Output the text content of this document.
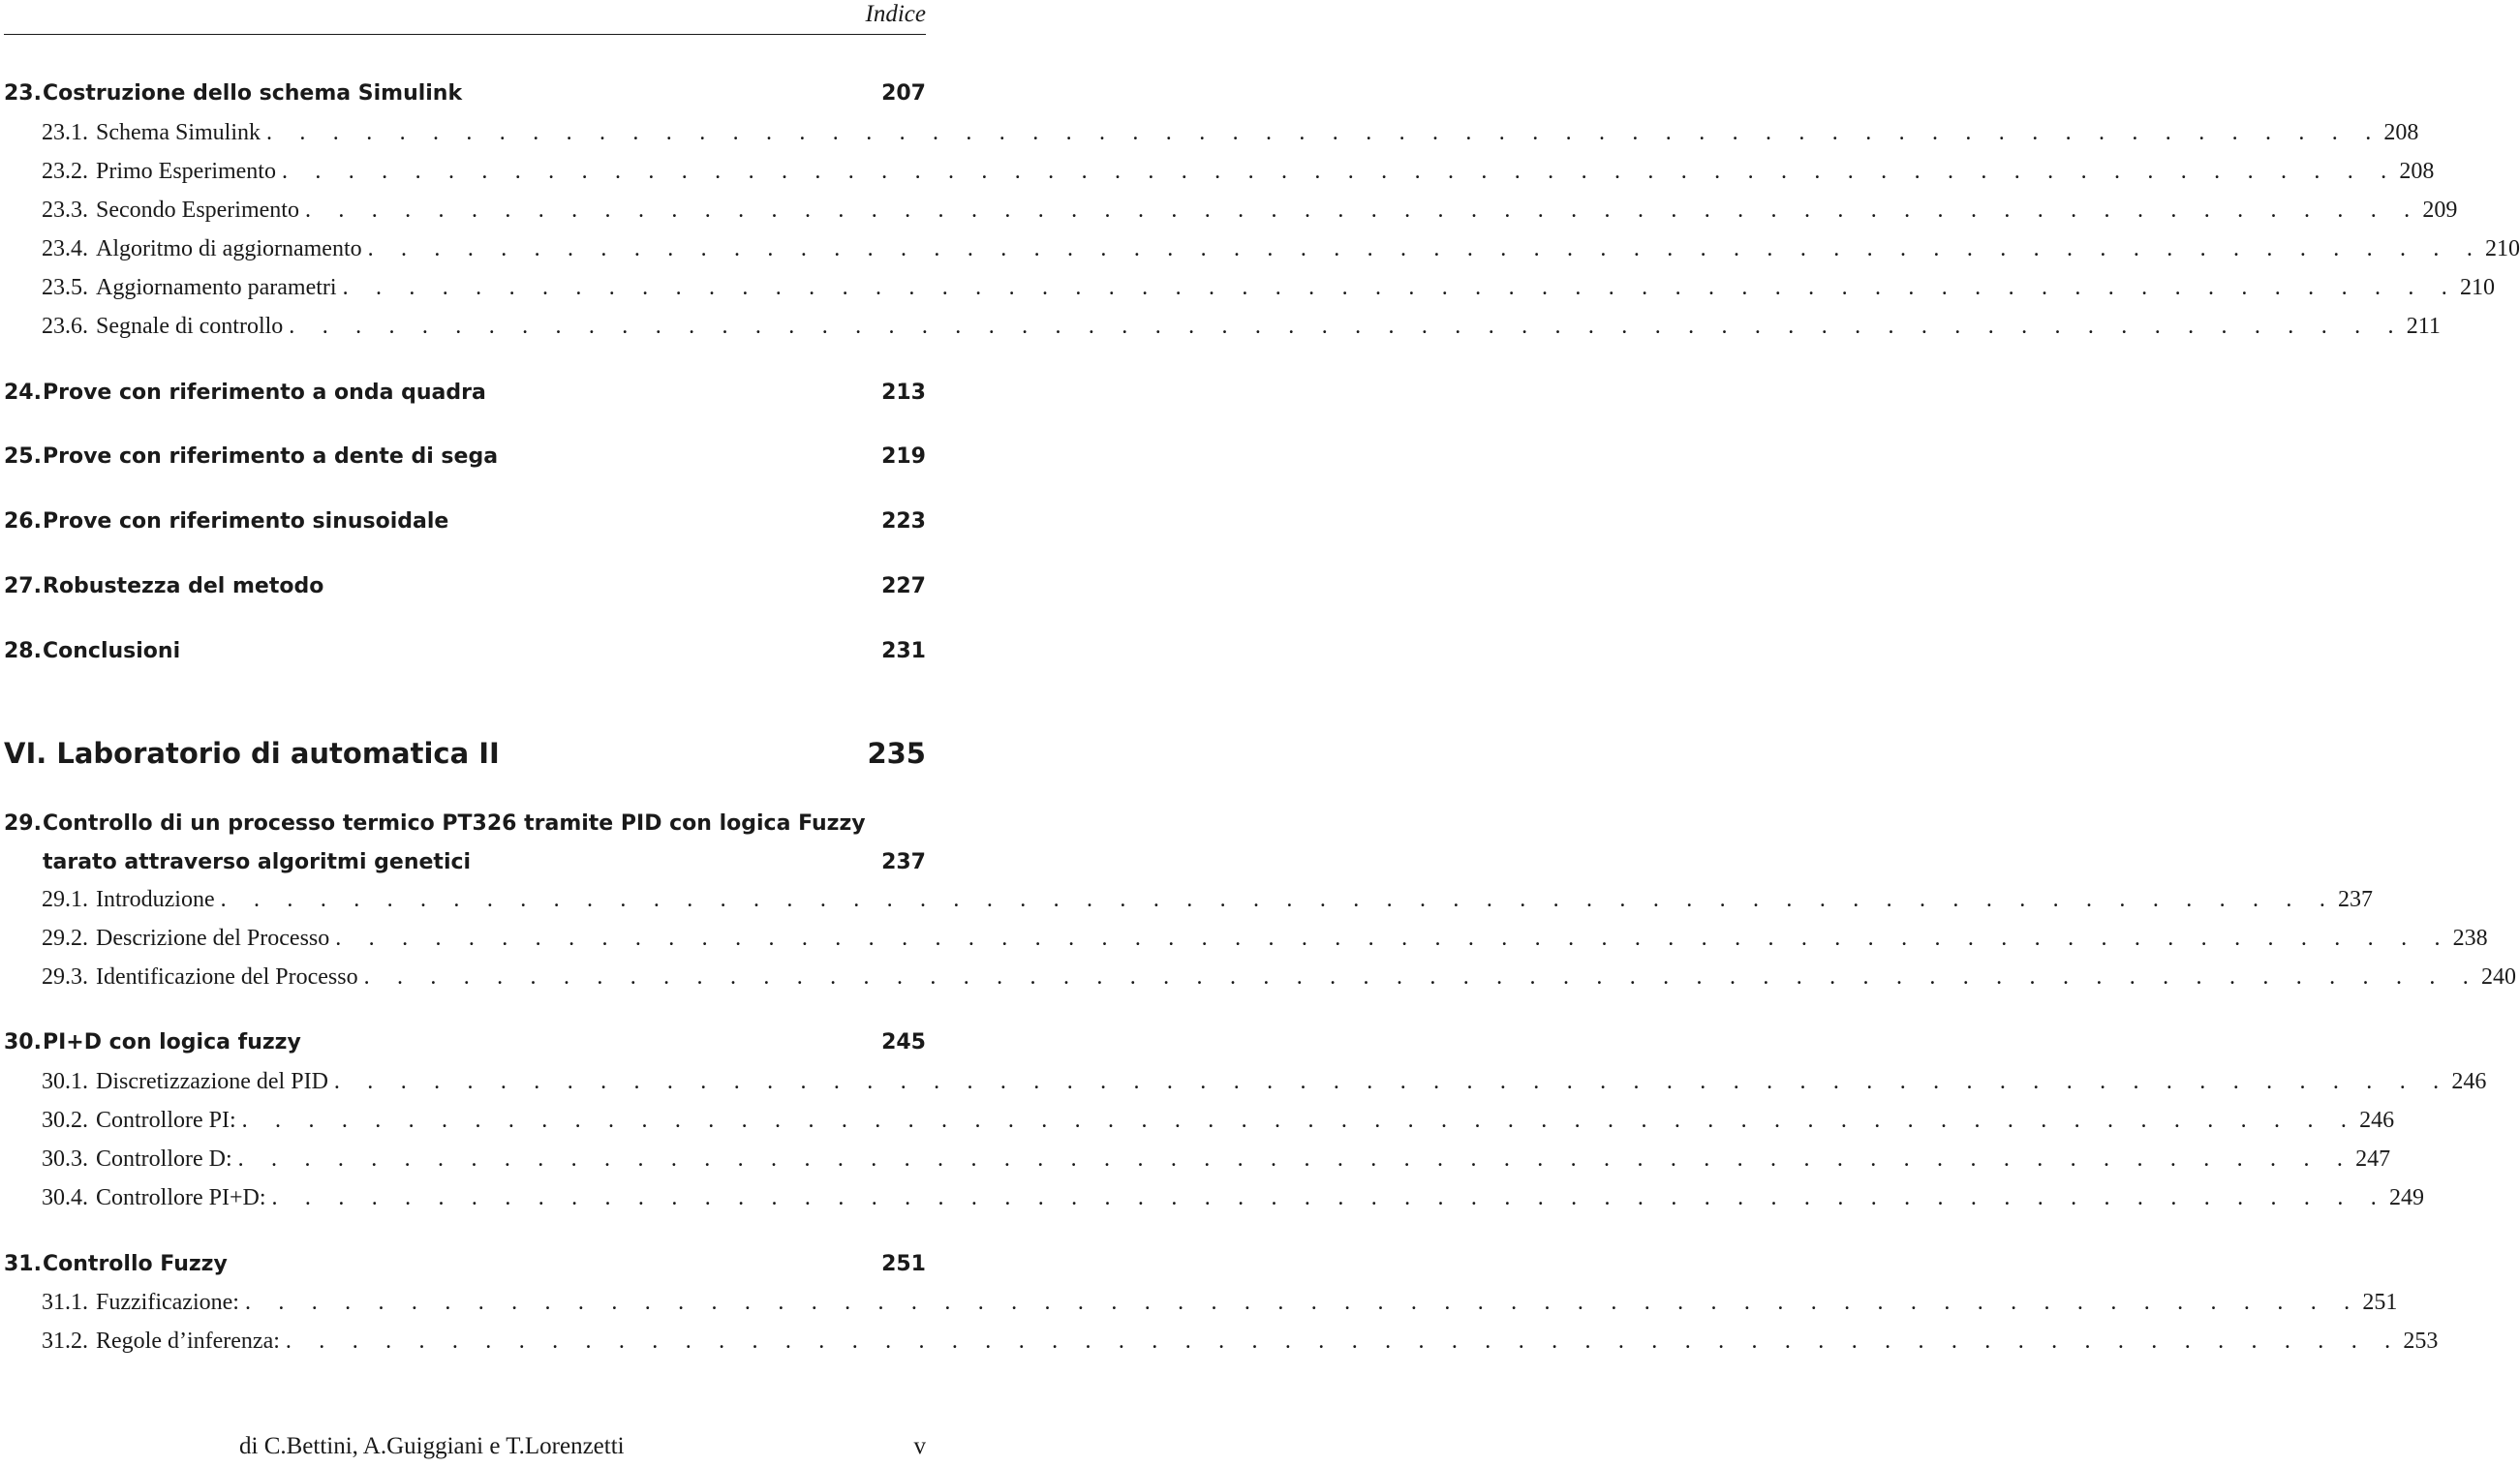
Indice
23. Costruzione dello schema Simulink	207
23.1. Schema Simulink . . . . . . . . . . . . . . . . . . . . . . . . . . . . . . . . . . . . . . . . . . . . . . . . . . . . . . . . . . . . . . . . 208
23.2. Primo Esperimento . . . . . . . . . . . . . . . . . . . . . . . . . . . . . . . . . . . . . . . . . . . . . . . . . . . . . . . . . . . . . . . . 208
23.3. Secondo Esperimento . . . . . . . . . . . . . . . . . . . . . . . . . . . . . . . . . . . . . . . . . . . . . . . . . . . . . . . . . . . . . . . . 209
23.4. Algoritmo di aggiornamento . . . . . . . . . . . . . . . . . . . . . . . . . . . . . . . . . . . . . . . . . . . . . . . . . . . . . . . . . . . . . . . . 210
23.5. Aggiornamento parametri . . . . . . . . . . . . . . . . . . . . . . . . . . . . . . . . . . . . . . . . . . . . . . . . . . . . . . . . . . . . . . . . 210
23.6. Segnale di controllo . . . . . . . . . . . . . . . . . . . . . . . . . . . . . . . . . . . . . . . . . . . . . . . . . . . . . . . . . . . . . . . . 211
24. Prove con riferimento a onda quadra	213
25. Prove con riferimento a dente di sega	219
26. Prove con riferimento sinusoidale	223
27. Robustezza del metodo	227
28. Conclusioni	231
VI. Laboratorio di automatica II	235
29. Controllo di un processo termico PT326 tramite PID con logica Fuzzy
tarato attraverso algoritmi genetici	237
29.1. Introduzione . . . . . . . . . . . . . . . . . . . . . . . . . . . . . . . . . . . . . . . . . . . . . . . . . . . . . . . . . . . . . . . . 237
29.2. Descrizione del Processo . . . . . . . . . . . . . . . . . . . . . . . . . . . . . . . . . . . . . . . . . . . . . . . . . . . . . . . . . . . . . . . . 238
29.3. Identificazione del Processo . . . . . . . . . . . . . . . . . . . . . . . . . . . . . . . . . . . . . . . . . . . . . . . . . . . . . . . . . . . . . . . . 240
30. PI+D con logica fuzzy	245
30.1. Discretizzazione del PID . . . . . . . . . . . . . . . . . . . . . . . . . . . . . . . . . . . . . . . . . . . . . . . . . . . . . . . . . . . . . . . . 246
30.2. Controllore PI: . . . . . . . . . . . . . . . . . . . . . . . . . . . . . . . . . . . . . . . . . . . . . . . . . . . . . . . . . . . . . . . . 246
30.3. Controllore D: . . . . . . . . . . . . . . . . . . . . . . . . . . . . . . . . . . . . . . . . . . . . . . . . . . . . . . . . . . . . . . . . 247
30.4. Controllore PI+D: . . . . . . . . . . . . . . . . . . . . . . . . . . . . . . . . . . . . . . . . . . . . . . . . . . . . . . . . . . . . . . . . 249
31. Controllo Fuzzy	251
31.1. Fuzzificazione: . . . . . . . . . . . . . . . . . . . . . . . . . . . . . . . . . . . . . . . . . . . . . . . . . . . . . . . . . . . . . . . . 251
31.2. Regole d’inferenza: . . . . . . . . . . . . . . . . . . . . . . . . . . . . . . . . . . . . . . . . . . . . . . . . . . . . . . . . . . . . . . . . 253
di C.Bettini, A.Guiggiani e T.Lorenzetti	v
